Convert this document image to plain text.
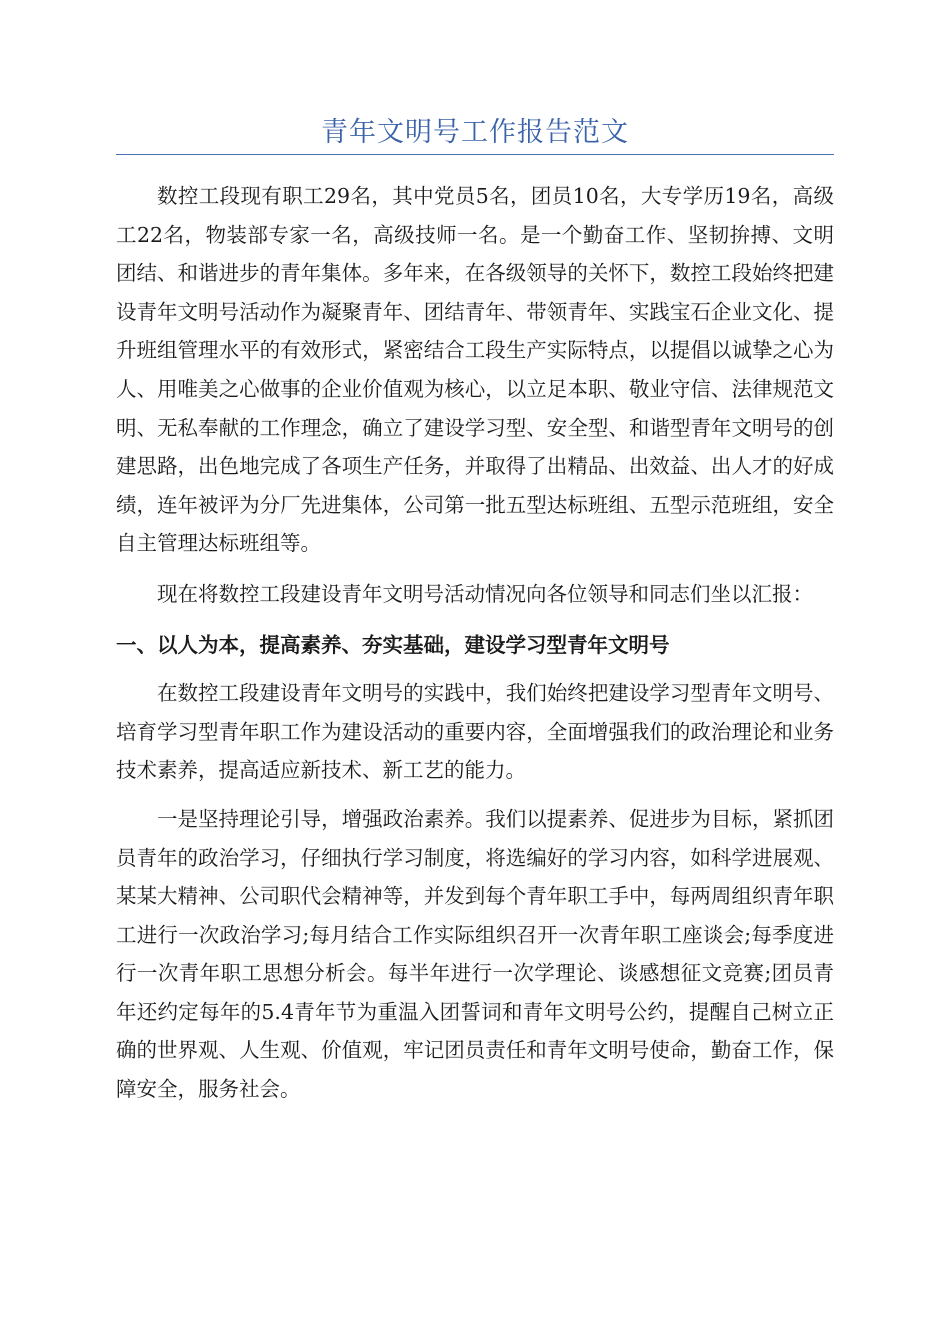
青年文明号工作报告范文

数控工段现有职工29名，其中党员5名，团员10名，大专学历19名，高级工22名，物装部专家一名，高级技师一名。是一个勤奋工作、坚韧拚搏、文明团结、和谐进步的青年集体。多年来，在各级领导的关怀下，数控工段始终把建设青年文明号活动作为凝聚青年、团结青年、带领青年、实践宝石企业文化、提升班组管理水平的有效形式，紧密结合工段生产实际特点，以提倡以诚挚之心为人、用唯美之心做事的企业价值观为核心，以立足本职、敬业守信、法律规范文明、无私奉献的工作理念，确立了建设学习型、安全型、和谐型青年文明号的创建思路，出色地完成了各项生产任务，并取得了出精品、出效益、出人才的好成绩，连年被评为分厂先进集体，公司第一批五型达标班组、五型示范班组，安全自主管理达标班组等。

现在将数控工段建设青年文明号活动情况向各位领导和同志们坐以汇报：

一、以人为本，提高素养、夯实基础，建设学习型青年文明号

在数控工段建设青年文明号的实践中，我们始终把建设学习型青年文明号、培育学习型青年职工作为建设活动的重要内容，全面增强我们的政治理论和业务技术素养，提高适应新技术、新工艺的能力。

一是坚持理论引导，增强政治素养。我们以提素养、促进步为目标，紧抓团员青年的政治学习，仔细执行学习制度，将选编好的学习内容，如科学进展观、某某大精神、公司职代会精神等，并发到每个青年职工手中，每两周组织青年职工进行一次政治学习;每月结合工作实际组织召开一次青年职工座谈会;每季度进行一次青年职工思想分析会。每半年进行一次学理论、谈感想征文竞赛;团员青年还约定每年的5.4青年节为重温入团誓词和青年文明号公约，提醒自己树立正确的世界观、人生观、价值观，牢记团员责任和青年文明号使命，勤奋工作，保障安全，服务社会。
